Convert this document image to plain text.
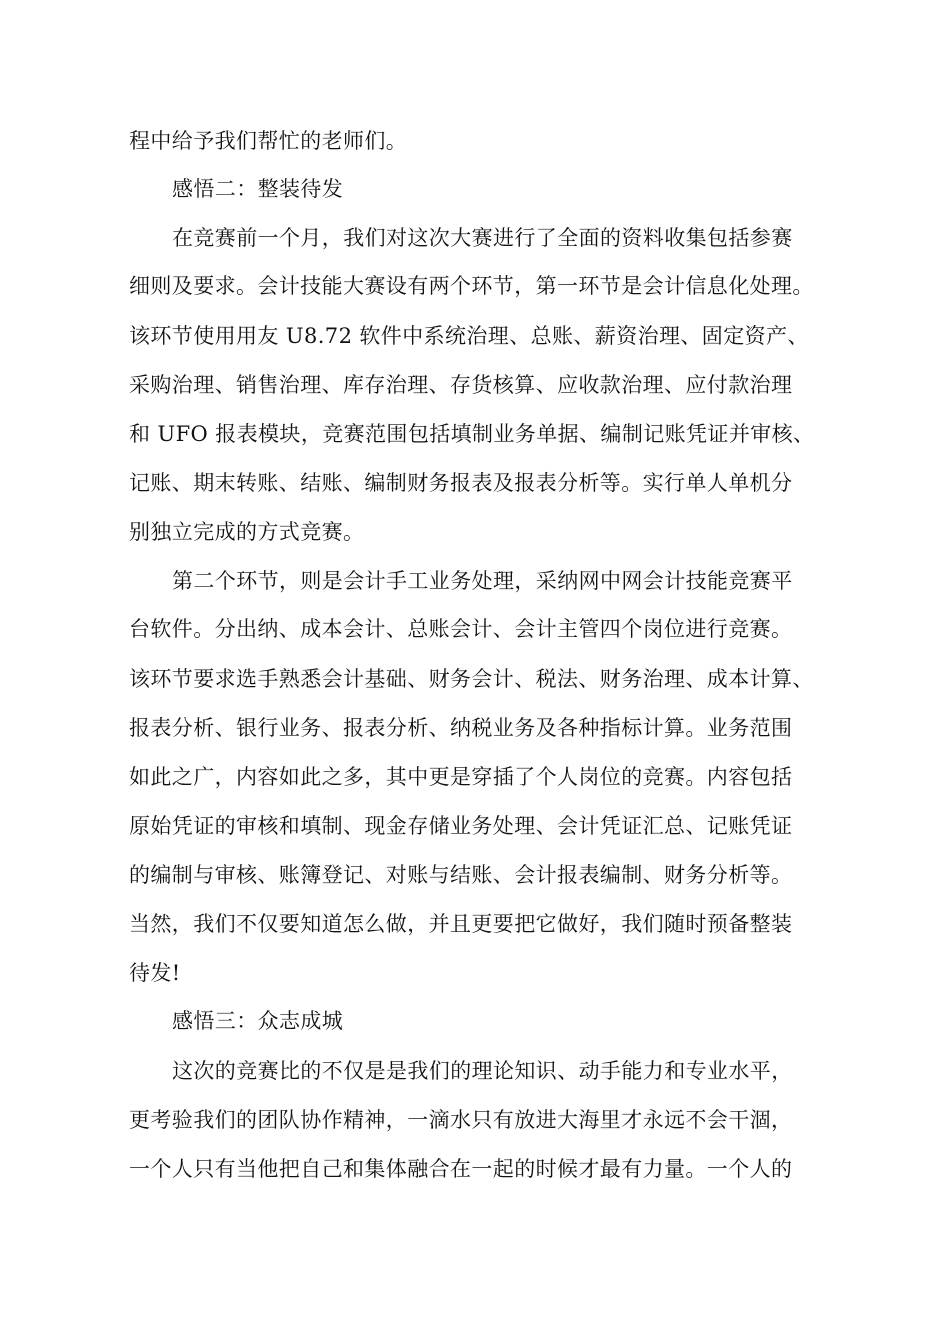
程中给予我们帮忙的老师们。
感悟二：整装待发
在竞赛前一个月，我们对这次大赛进行了全面的资料收集包括参赛
细则及要求。会计技能大赛设有两个环节，第一环节是会计信息化处理。
该环节使用用友 U8.72 软件中系统治理、总账、薪资治理、固定资产、
采购治理、销售治理、库存治理、存货核算、应收款治理、应付款治理
和 UFO 报表模块，竞赛范围包括填制业务单据、编制记账凭证并审核、
记账、期末转账、结账、编制财务报表及报表分析等。实行单人单机分
别独立完成的方式竞赛。
第二个环节，则是会计手工业务处理，采纳网中网会计技能竞赛平
台软件。分出纳、成本会计、总账会计、会计主管四个岗位进行竞赛。
该环节要求选手熟悉会计基础、财务会计、税法、财务治理、成本计算、
报表分析、银行业务、报表分析、纳税业务及各种指标计算。业务范围
如此之广，内容如此之多，其中更是穿插了个人岗位的竞赛。内容包括
原始凭证的审核和填制、现金存储业务处理、会计凭证汇总、记账凭证
的编制与审核、账簿登记、对账与结账、会计报表编制、财务分析等。
当然，我们不仅要知道怎么做，并且更要把它做好，我们随时预备整装
待发!
感悟三：众志成城
这次的竞赛比的不仅是是我们的理论知识、动手能力和专业水平，
更考验我们的团队协作精神，一滴水只有放进大海里才永远不会干涸，
一个人只有当他把自己和集体融合在一起的时候才最有力量。一个人的
